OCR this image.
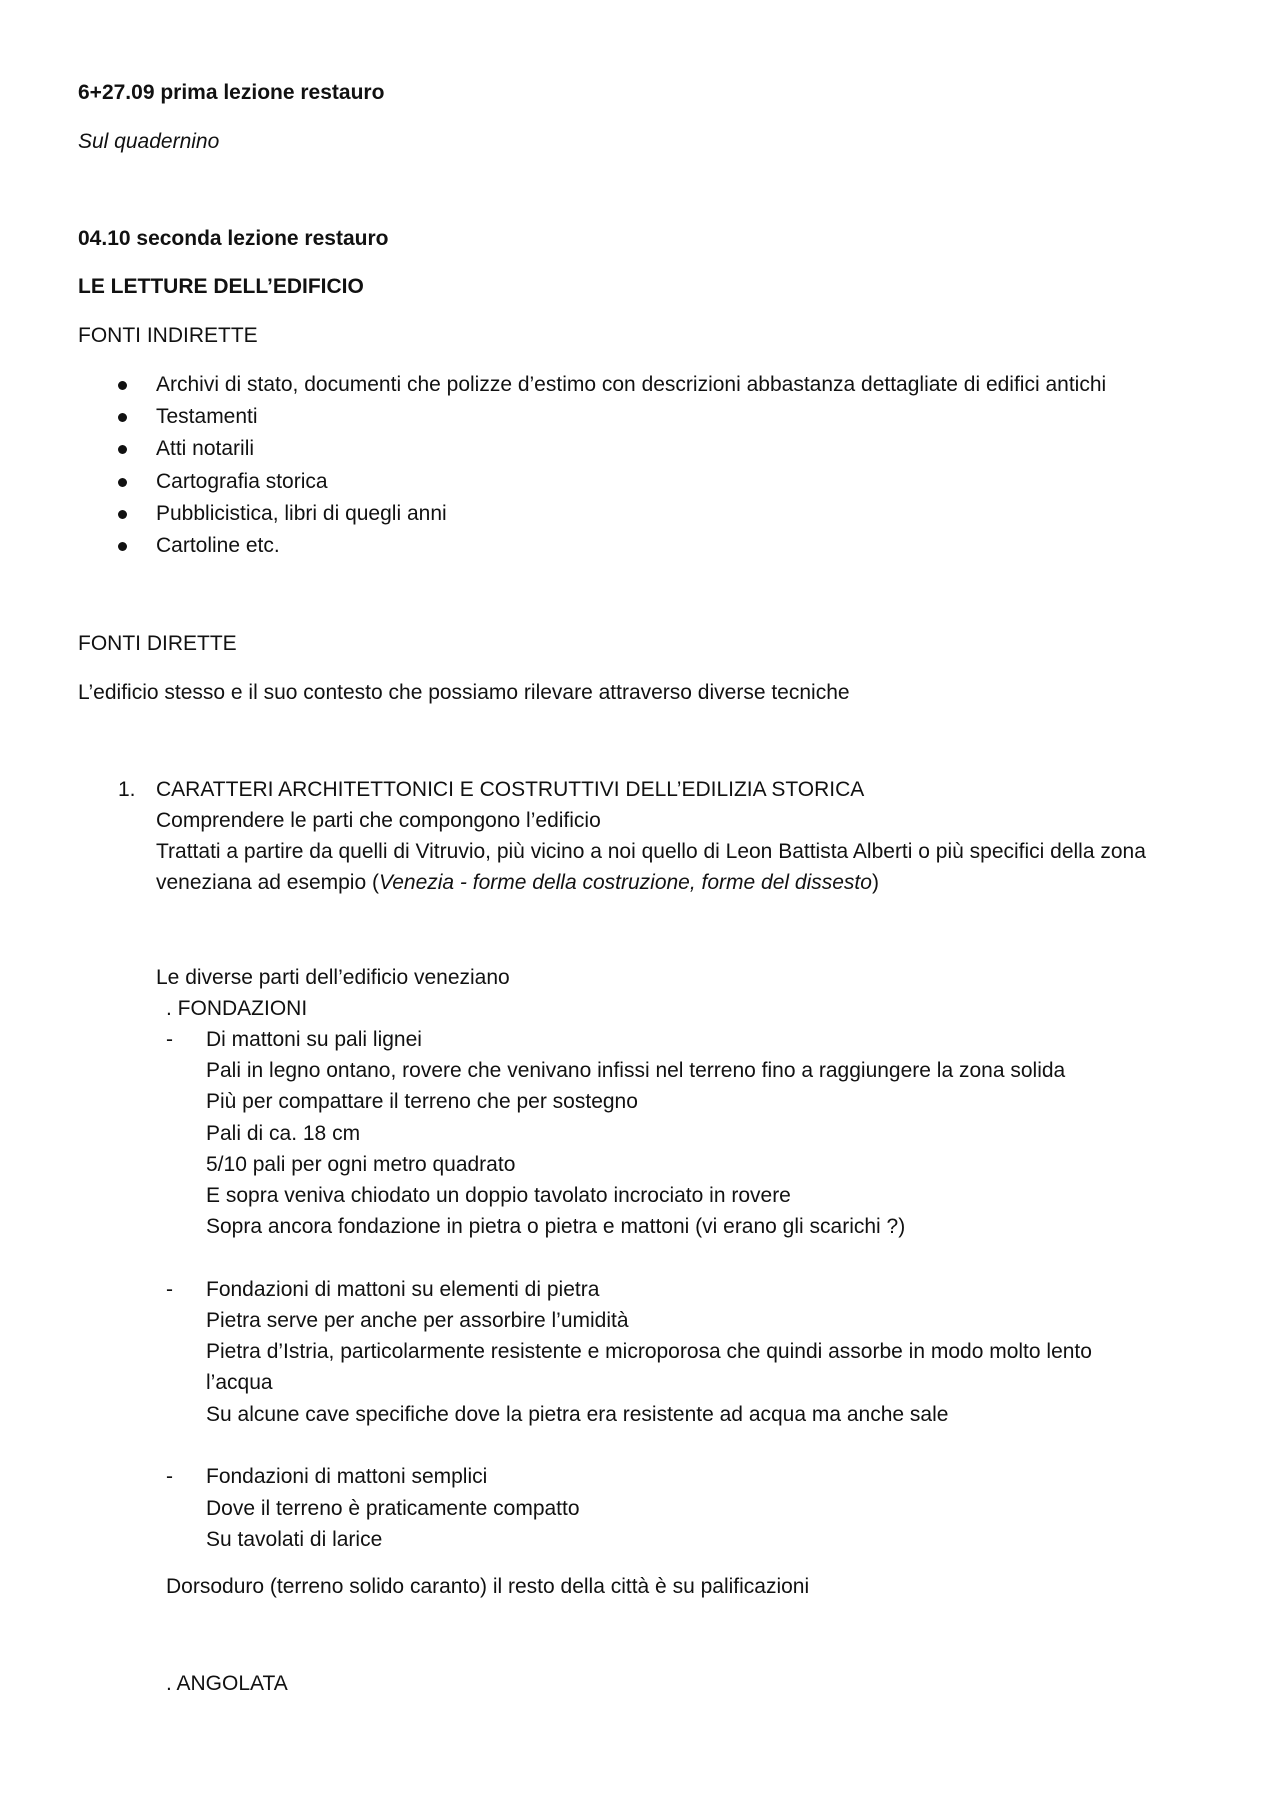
6+27.09 prima lezione restauro
Sul quadernino
04.10 seconda lezione restauro
LE LETTURE DELL’EDIFICIO
FONTI INDIRETTE
Archivi di stato, documenti che polizze d’estimo con descrizioni abbastanza dettagliate di edifici antichi
Testamenti
Atti notarili
Cartografia storica
Pubblicistica, libri di quegli anni
Cartoline etc.
FONTI DIRETTE
L’edificio stesso e il suo contesto che possiamo rilevare attraverso diverse tecniche
1. CARATTERI ARCHITETTONICI E COSTRUTTIVI DELL’EDILIZIA STORICA
Comprendere le parti che compongono l’edificio
Trattati a partire da quelli di Vitruvio, più vicino a noi quello di Leon Battista Alberti o più specifici della zona
veneziana ad esempio (Venezia - forme della costruzione, forme del dissesto)
Le diverse parti dell’edificio veneziano
. FONDAZIONI
- Di mattoni su pali lignei
Pali in legno ontano, rovere che venivano infissi nel terreno fino a raggiungere la zona solida
Più per compattare il terreno che per sostegno
Pali di ca. 18 cm
5/10 pali per ogni metro quadrato
E sopra veniva chiodato un doppio tavolato incrociato in rovere
Sopra ancora fondazione in pietra o pietra e mattoni (vi erano gli scarichi ?)
- Fondazioni di mattoni su elementi di pietra
Pietra serve per anche per assorbire l’umidità
Pietra d’Istria, particolarmente resistente e microporosa che quindi assorbe in modo molto lento
l’acqua
Su alcune cave specifiche dove la pietra era resistente ad acqua ma anche sale
- Fondazioni di mattoni semplici
Dove il terreno è praticamente compatto
Su tavolati di larice
Dorsoduro (terreno solido caranto) il resto della città è su palificazioni
. ANGOLATA
